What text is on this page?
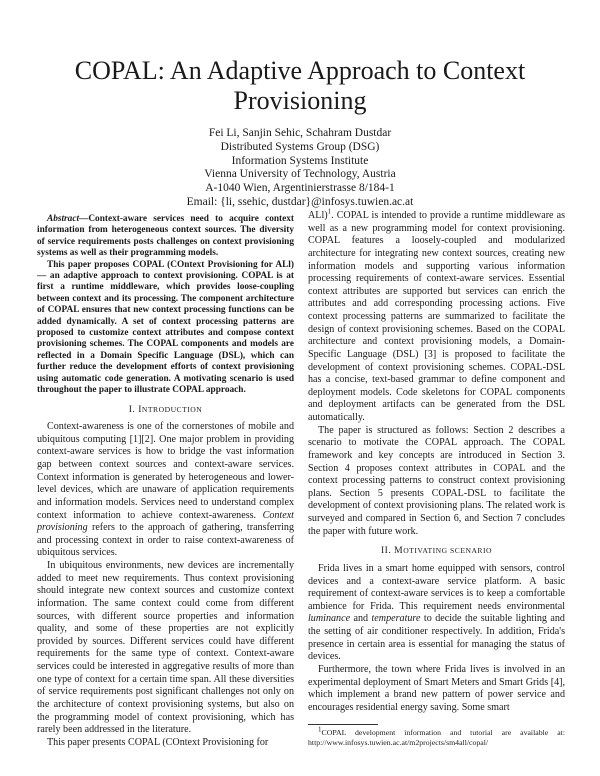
COPAL: An Adaptive Approach to Context
Provisioning
Fei Li, Sanjin Sehic, Schahram Dustdar
Distributed Systems Group (DSG)
Information Systems Institute
Vienna University of Technology, Austria
A-1040 Wien, Argentinierstrasse 8/184-1
Email: {li, ssehic, dustdar}@infosys.tuwien.ac.at

Abstract—Context-aware services need to acquire context information from heterogeneous context sources. The diversity of service requirements posts challenges on context provisioning systems as well as their programming models.

This paper proposes COPAL (COntext Provisioning for ALl) — an adaptive approach to context provisioning. COPAL is at first a runtime middleware, which provides loose-coupling between context and its processing. The component architecture of COPAL ensures that new context processing functions can be added dynamically. A set of context processing patterns are proposed to customize context attributes and compose context provisioning schemes. The COPAL components and models are reflected in a Domain Specific Language (DSL), which can further reduce the development efforts of context provisioning using automatic code generation. A motivating scenario is used throughout the paper to illustrate COPAL approach.

I. INTRODUCTION

Context-awareness is one of the cornerstones of mobile and ubiquitous computing [1][2]. One major problem in providing context-aware services is how to bridge the vast information gap between context sources and context-aware services. Context information is generated by heterogeneous and lower-level devices, which are unaware of application requirements and information models. Services need to understand complex context information to achieve context-awareness. Context provisioning refers to the approach of gathering, transferring and processing context in order to raise context-awareness of ubiquitous services.

In ubiquitous environments, new devices are incrementally added to meet new requirements. Thus context provisioning should integrate new context sources and customize context information. The same context could come from different sources, with different source properties and information quality, and some of these properties are not explicitly provided by sources. Different services could have different requirements for the same type of context. Context-aware services could be interested in aggregative results of more than one type of context for a certain time span. All these diversities of service requirements post significant challenges not only on the architecture of context provisioning systems, but also on the programming model of context provisioning, which has rarely been addressed in the literature.

This paper presents COPAL (COntext Provisioning for

ALl)$^1$. COPAL is intended to provide a runtime middleware as well as a new programming model for context provisioning. COPAL features a loosely-coupled and modularized architecture for integrating new context sources, creating new information models and supporting various information processing requirements of context-aware services. Essential context attributes are supported but services can enrich the attributes and add corresponding processing actions. Five context processing patterns are summarized to facilitate the design of context provisioning schemes. Based on the COPAL architecture and context provisioning models, a Domain-Specific Language (DSL) [3] is proposed to facilitate the development of context provisioning schemes. COPAL-DSL has a concise, text-based grammar to define component and deployment models. Code skeletons for COPAL components and deployment artifacts can be generated from the DSL automatically.

The paper is structured as follows: Section 2 describes a scenario to motivate the COPAL approach. The COPAL framework and key concepts are introduced in Section 3. Section 4 proposes context attributes in COPAL and the context processing patterns to construct context provisioning plans. Section 5 presents COPAL-DSL to facilitate the development of context provisioning plans. The related work is surveyed and compared in Section 6, and Section 7 concludes the paper with future work.

II. MOTIVATING SCENARIO

Frida lives in a smart home equipped with sensors, control devices and a context-aware service platform. A basic requirement of context-aware services is to keep a comfortable ambience for Frida. This requirement needs environmental luminance and temperature to decide the suitable lighting and the setting of air conditioner respectively. In addition, Frida's presence in certain area is essential for managing the status of devices.

Furthermore, the town where Frida lives is involved in an experimental deployment of Smart Meters and Smart Grids [4], which implement a brand new pattern of power service and encourages residential energy saving. Some smart

$^1$COPAL development information and tutorial are available at: http://www.infosys.tuwien.ac.at/m2projects/sm4all/copal/
